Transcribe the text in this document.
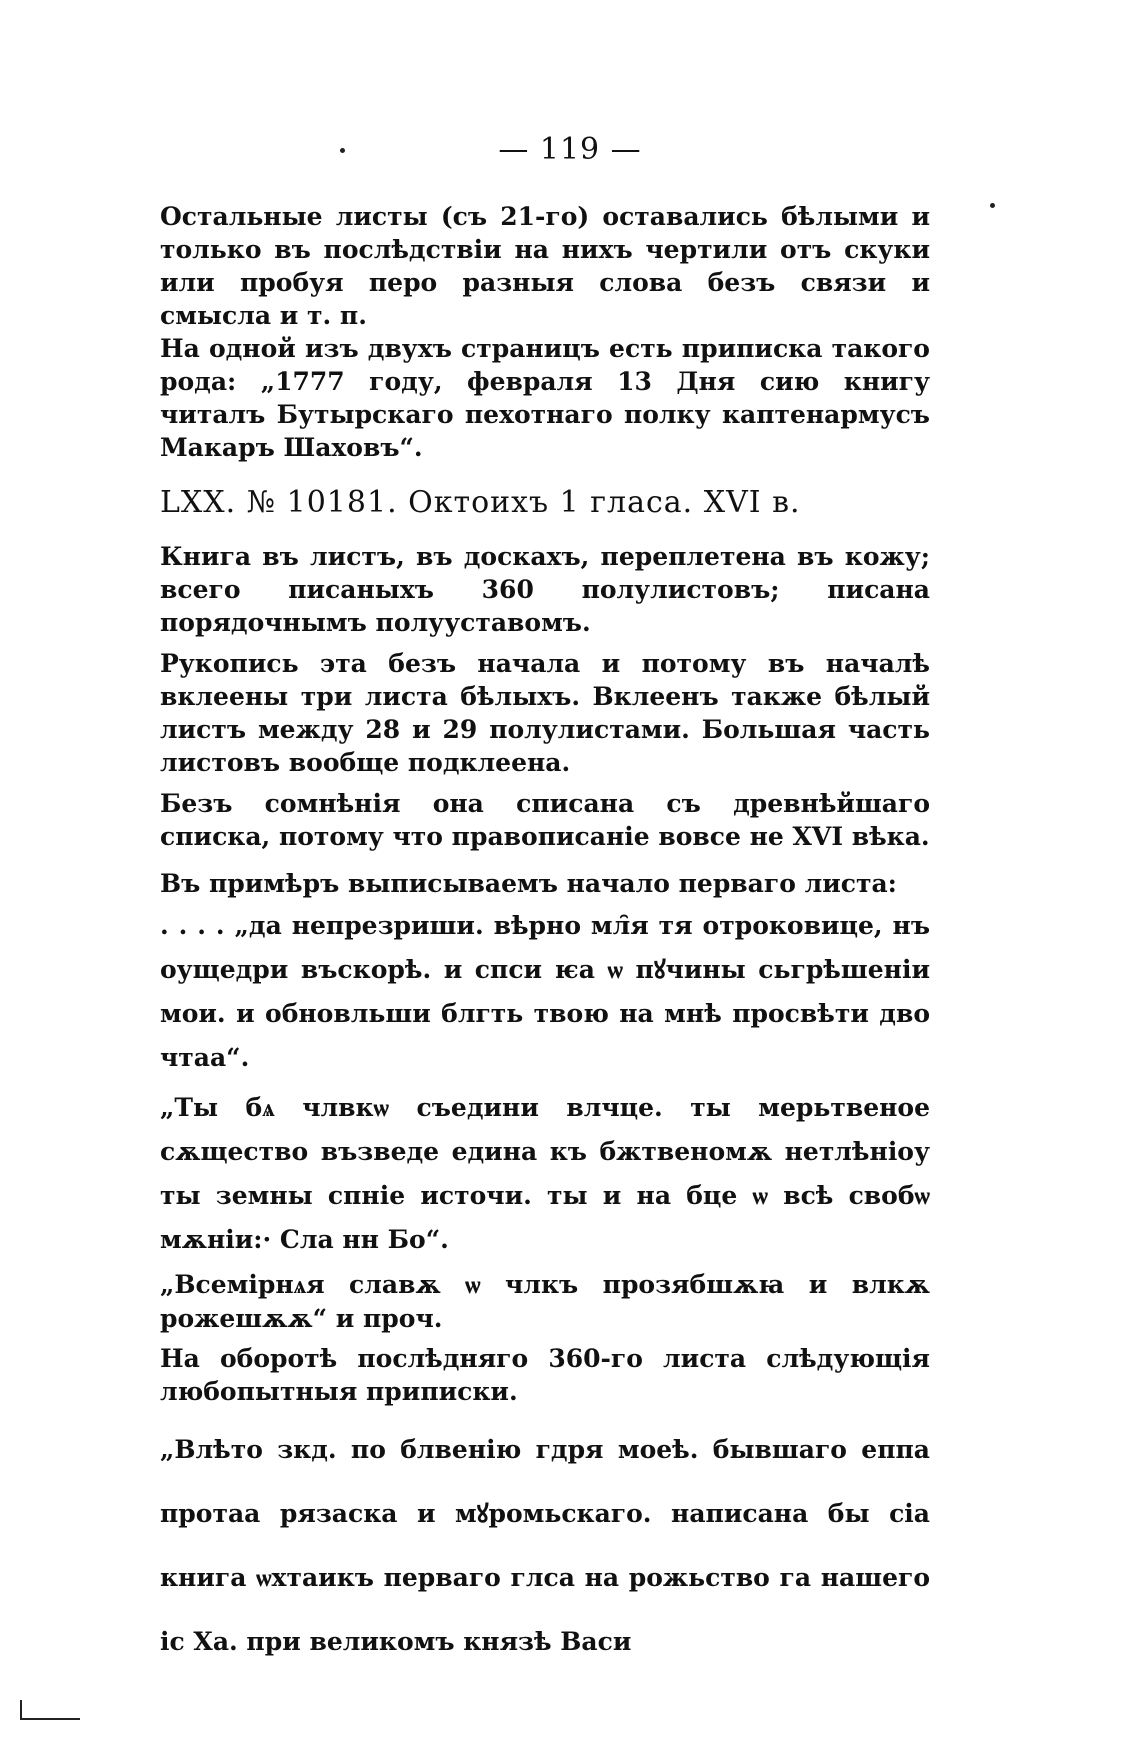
— 119 —

Остальные листы (съ 21-го) оставались бѣлыми и только въ послѣдствіи на нихъ чертили отъ скуки или пробуя перо разныя слова безъ связи и смысла и т. п.

На одной изъ двухъ страницъ есть приписка такого рода: „1777 году, февраля 13 Дня сию книгу читалъ Бутырскаго пехотнаго полку каптенармусъ Макаръ Шаховъ“.

LXX. № 10181. Октоихъ 1 гласа. XVI в.

Книга въ листъ, въ доскахъ, переплетена въ кожу; всего писаныхъ 360 полулистовъ; писана порядочнымъ полууставомъ.

Рукопись эта безъ начала и потому въ началѣ вклеены три листа бѣлыхъ. Вклеенъ также бѣлый листъ между 28 и 29 полулистами. Большая часть листовъ вообще подклеена.

Безъ сомнѣнія она списана съ древнѣйшаго списка, потому что правописаніе вовсе не XVI вѣка.

Въ примѣръ выписываемъ начало перваго листа:

. . . . „да непрезриши. вѣрно мл̑я тя отроковице, нъ оущедри въскорѣ. и спси ѥа ѡ пꙋчины сьгрѣшеніи мои. и обновльши блгть твою на мнѣ просвѣти дво чтаа“.

„Ты бѧ члвкѡ съедини влчце. ты мерьтвеное сѫщество възведе едина къ бжтвеномѫ нетлѣніоу ты земны спніе источи. ты и на бце ѡ всѣ свобѡ мѫніи:· Сла нн Бо“.

„Всемірнѧя славѫ ѡ члкъ прозябшѫꙗ и влкѫ рожешѫѫ“ и проч.

На оборотѣ послѣдняго 360-го листа слѣдующія любопытныя приписки.

„Влѣто зкд. по блвенію гдря моеѣ. бывшаго еппа протаа рязаска и мꙋромьскаго. написана бы сіа книга ѡхтаикъ перваго глса на рожьство га нашего іс Ха. при великомъ князѣ Васи
